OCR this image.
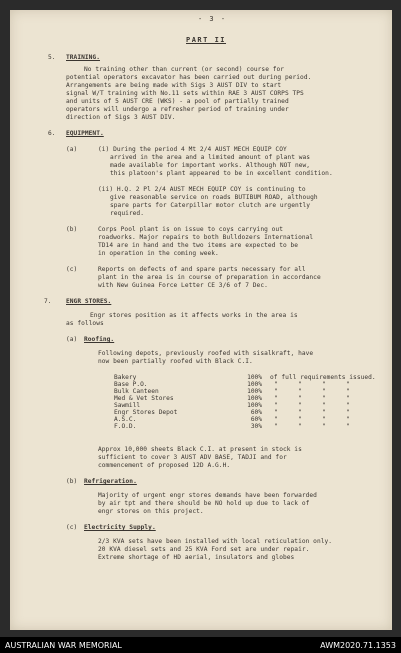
- 3 -
PART II
5. TRAINING.
No training other than current (or second) course for
potential operators excavator has been carried out during period.
Arrangements are being made with Sigs 3 AUST DIV to start
signal W/T training with No.11 sets within RAE 3 AUST CORPS TPS
and units of 5 AUST CRE (WKS) - a pool of partially trained
operators will undergo a refresher period of training under
direction of Sigs 3 AUST DIV.
6. EQUIPMENT.
(a)	(i) During the period 4 Mt 2/4 AUST MECH EQUIP COY
arrived in the area and a limited amount of plant was
made available for important works. Although NOT new,
this platoon's plant appeared to be in excellent condition.
(ii) H.Q. 2 Pl 2/4 AUST MECH EQUIP COY is continuing to
give reasonable service on roads BUTIBUM ROAD, although
spare parts for Caterpillar motor clutch are urgently
required.
(b)	Corps Pool plant is on issue to coys carrying out
roadworks. Major repairs to both Bulldozers International
TD14 are in hand and the two items are expected to be
in operation in the coming week.
(c)	Reports on defects of and spare parts necessary for all
plant in the area is in course of preparation in accordance
with New Guinea Force Letter CE 3/6 of 7 Dec.
7. ENGR STORES.
Engr stores position as it affects works in the area is
as follows
(a) Roofing.
Following depots, previously roofed with sisalkraft, have
now been partially roofed with Black C.I.
of full requirements issued.
Bakery	100%				
Base P.O.	100%	"	"	"	"
Bulk Canteen	100%	"	"	"	"
Med & Vet Stores	100%	"	"	"	"
Sawmill	100%	"	"	"	"
Engr Stores Depot	60%	"	"	"	"
A.S.C.	60%	"	"	"	"
F.O.D.	30%	"	"	"	"
Approx 10,000 sheets Black C.I. at present in stock is
sufficient to cover 3 AUST ADV BASE, TADJI and for
commencement of proposed 12D A.G.H.
(b) Refrigeration.
Majority of urgent engr stores demands have been forwarded
by air tpt and there should be NO hold up due to lack of
engr stores on this project.
(c) Electricity Supply.
2/3 KVA sets have been installed with local reticulation only.
20 KVA diesel sets and 25 KVA Ford set are under repair.
Extreme shortage of HD aerial, insulators and globes
AUSTRALIAN WAR MEMORIAL	AWM2020.71.1353
